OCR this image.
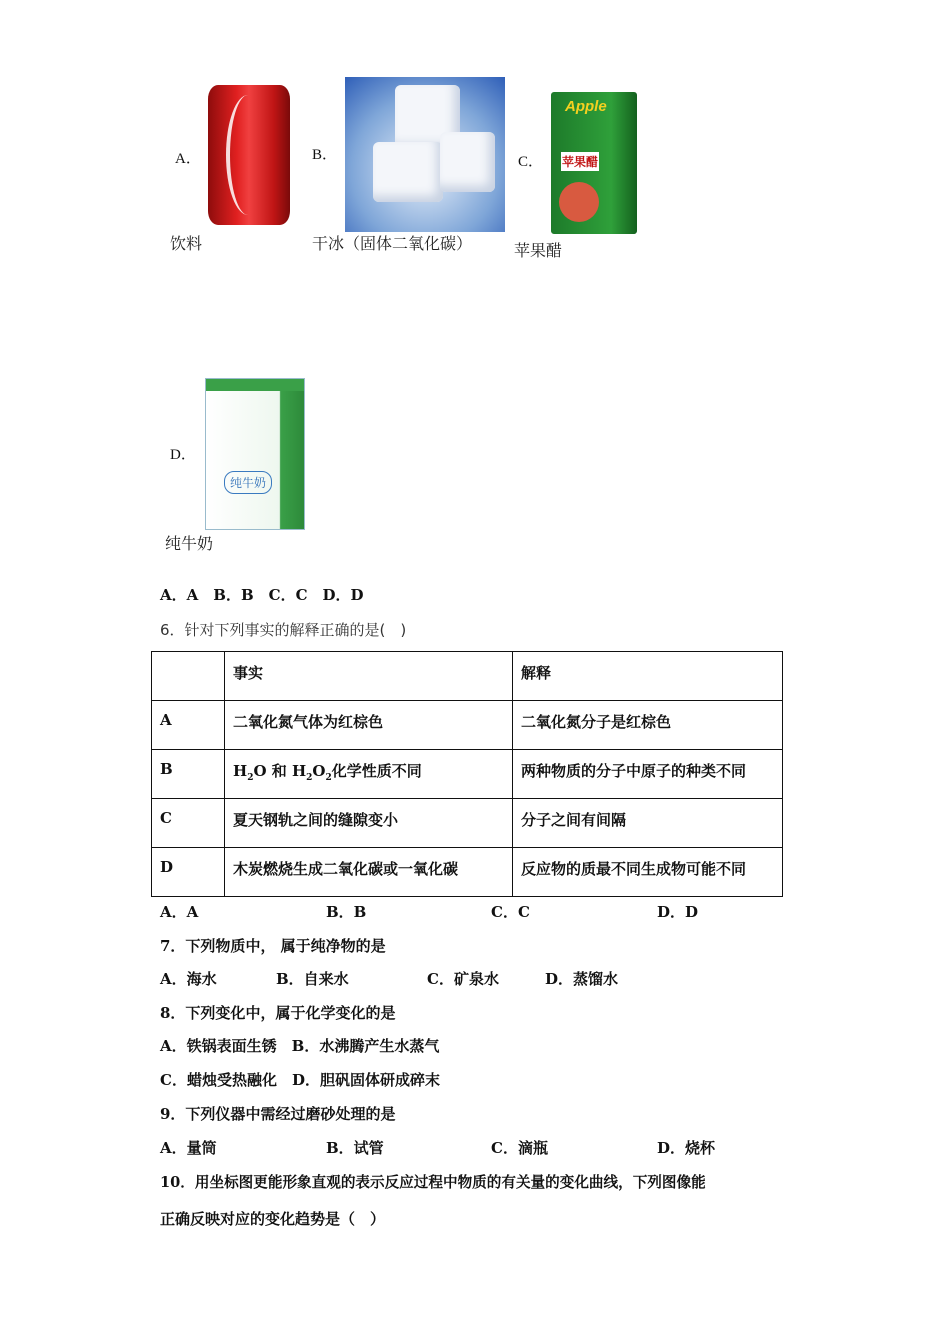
A．
饮料
B．
干冰（固体二氧化碳）
C．
Apple
苹果醋
苹果醋
D．
纯牛奶
纯牛奶
A．A　B．B　C．C　D．D
6．针对下列事实的解释正确的是(　)
	事实	解释
A	二氧化氮气体为红棕色	二氧化氮分子是红棕色
B	$H_2O$ 和 $H_2O_2$化学性质不同	两种物质的分子中原子的种类不同
C	夏天钢轨之间的缝隙变小	分子之间有间隔
D	木炭燃烧生成二氧化碳或一氧化碳	反应物的质最不同生成物可能不同
A．A	B．B	C．C	D．D
7．下列物质中， 属于纯净物的是
A．海水	B．自来水	C．矿泉水	D．蒸馏水
8．下列变化中，属于化学变化的是
A．铁锅表面生锈　B．水沸腾产生水蒸气
C．蜡烛受热融化　D．胆矾固体研成碎末
9．下列仪器中需经过磨砂处理的是
A．量筒	B．试管	C．滴瓶	D．烧杯
10．用坐标图更能形象直观的表示反应过程中物质的有关量的变化曲线，下列图像能
正确反映对应的变化趋势是（　）
